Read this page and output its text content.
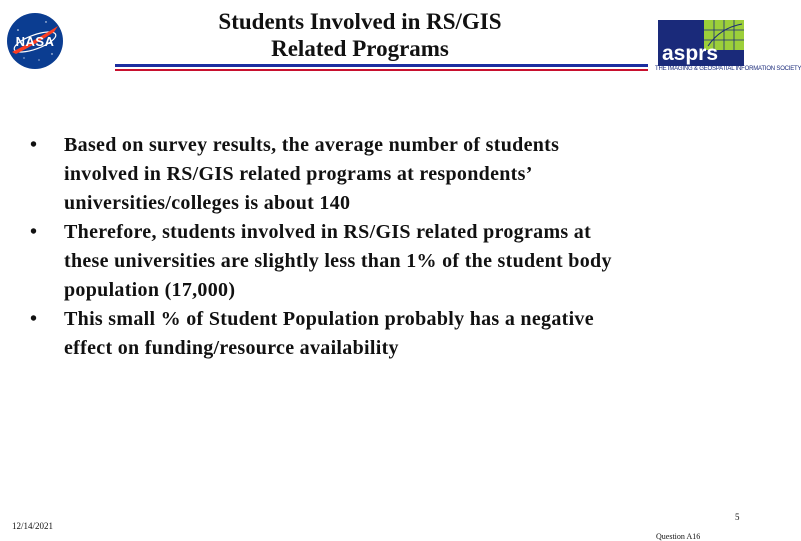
NASA
Students Involved in RS/GIS
Related Programs	asprs
THE IMAGING & GEOSPATIAL INFORMATION SOCIETY
• Based on survey results, the average number of students
involved in RS/GIS related programs at respondents’
universities/colleges is about 140
• Therefore, students involved in RS/GIS related programs at
these universities are slightly less than 1% of the student body
population (17,000)
• This small % of Student Population probably has a negative
effect on funding/resource availability
12/14/2021
5
Question A16
